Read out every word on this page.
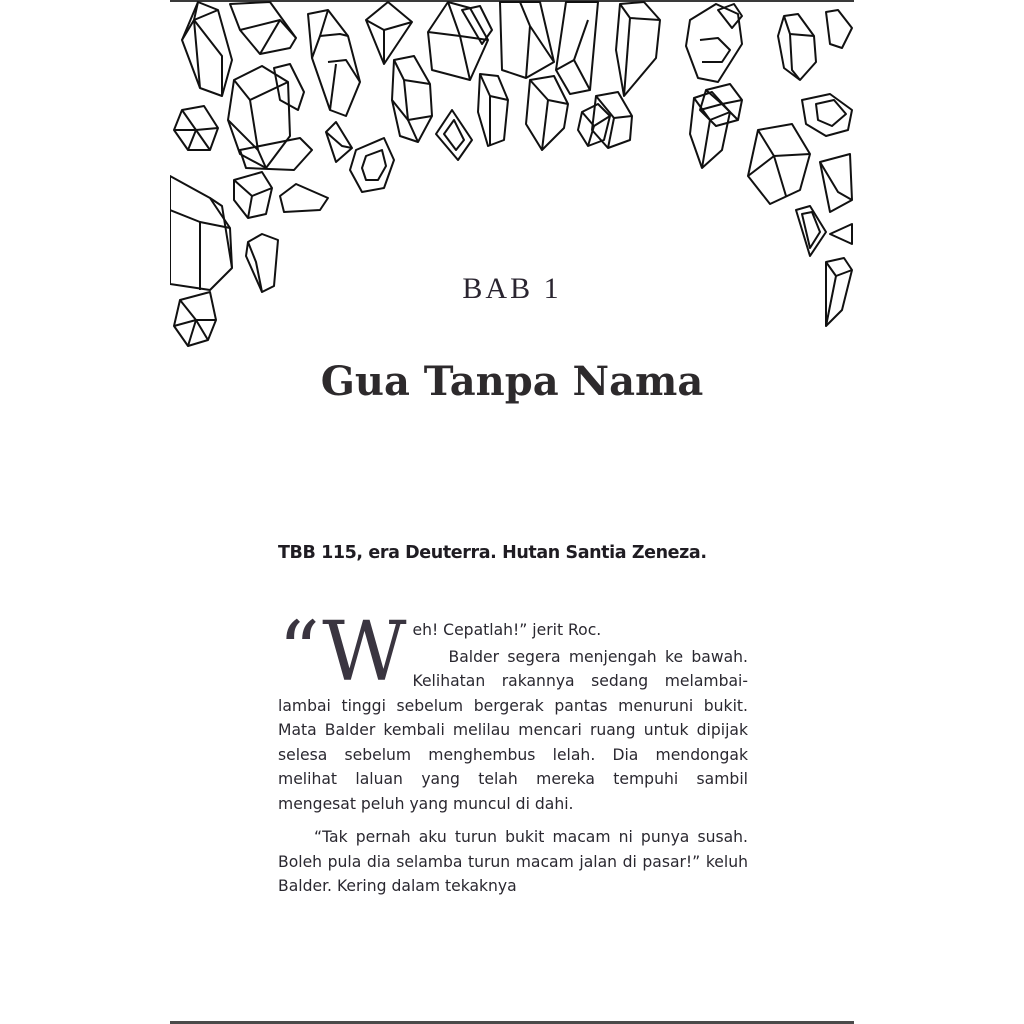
BAB 1
Gua Tanpa Nama
TBB 115, era Deuterra. Hutan Santia Zeneza.
“W eh! Cepatlah!” jerit Roc.

Balder segera menjengah ke bawah. Kelihatan rakannya sedang melambai-lambai tinggi sebelum bergerak pantas menuruni bukit. Mata Balder kembali melilau mencari ruang untuk dipijak selesa sebelum menghembus lelah. Dia mendongak melihat laluan yang telah mereka tempuhi sambil mengesat peluh yang muncul di dahi.

“Tak pernah aku turun bukit macam ni punya susah. Boleh pula dia selamba turun macam jalan di pasar!” keluh Balder. Kering dalam tekaknya
